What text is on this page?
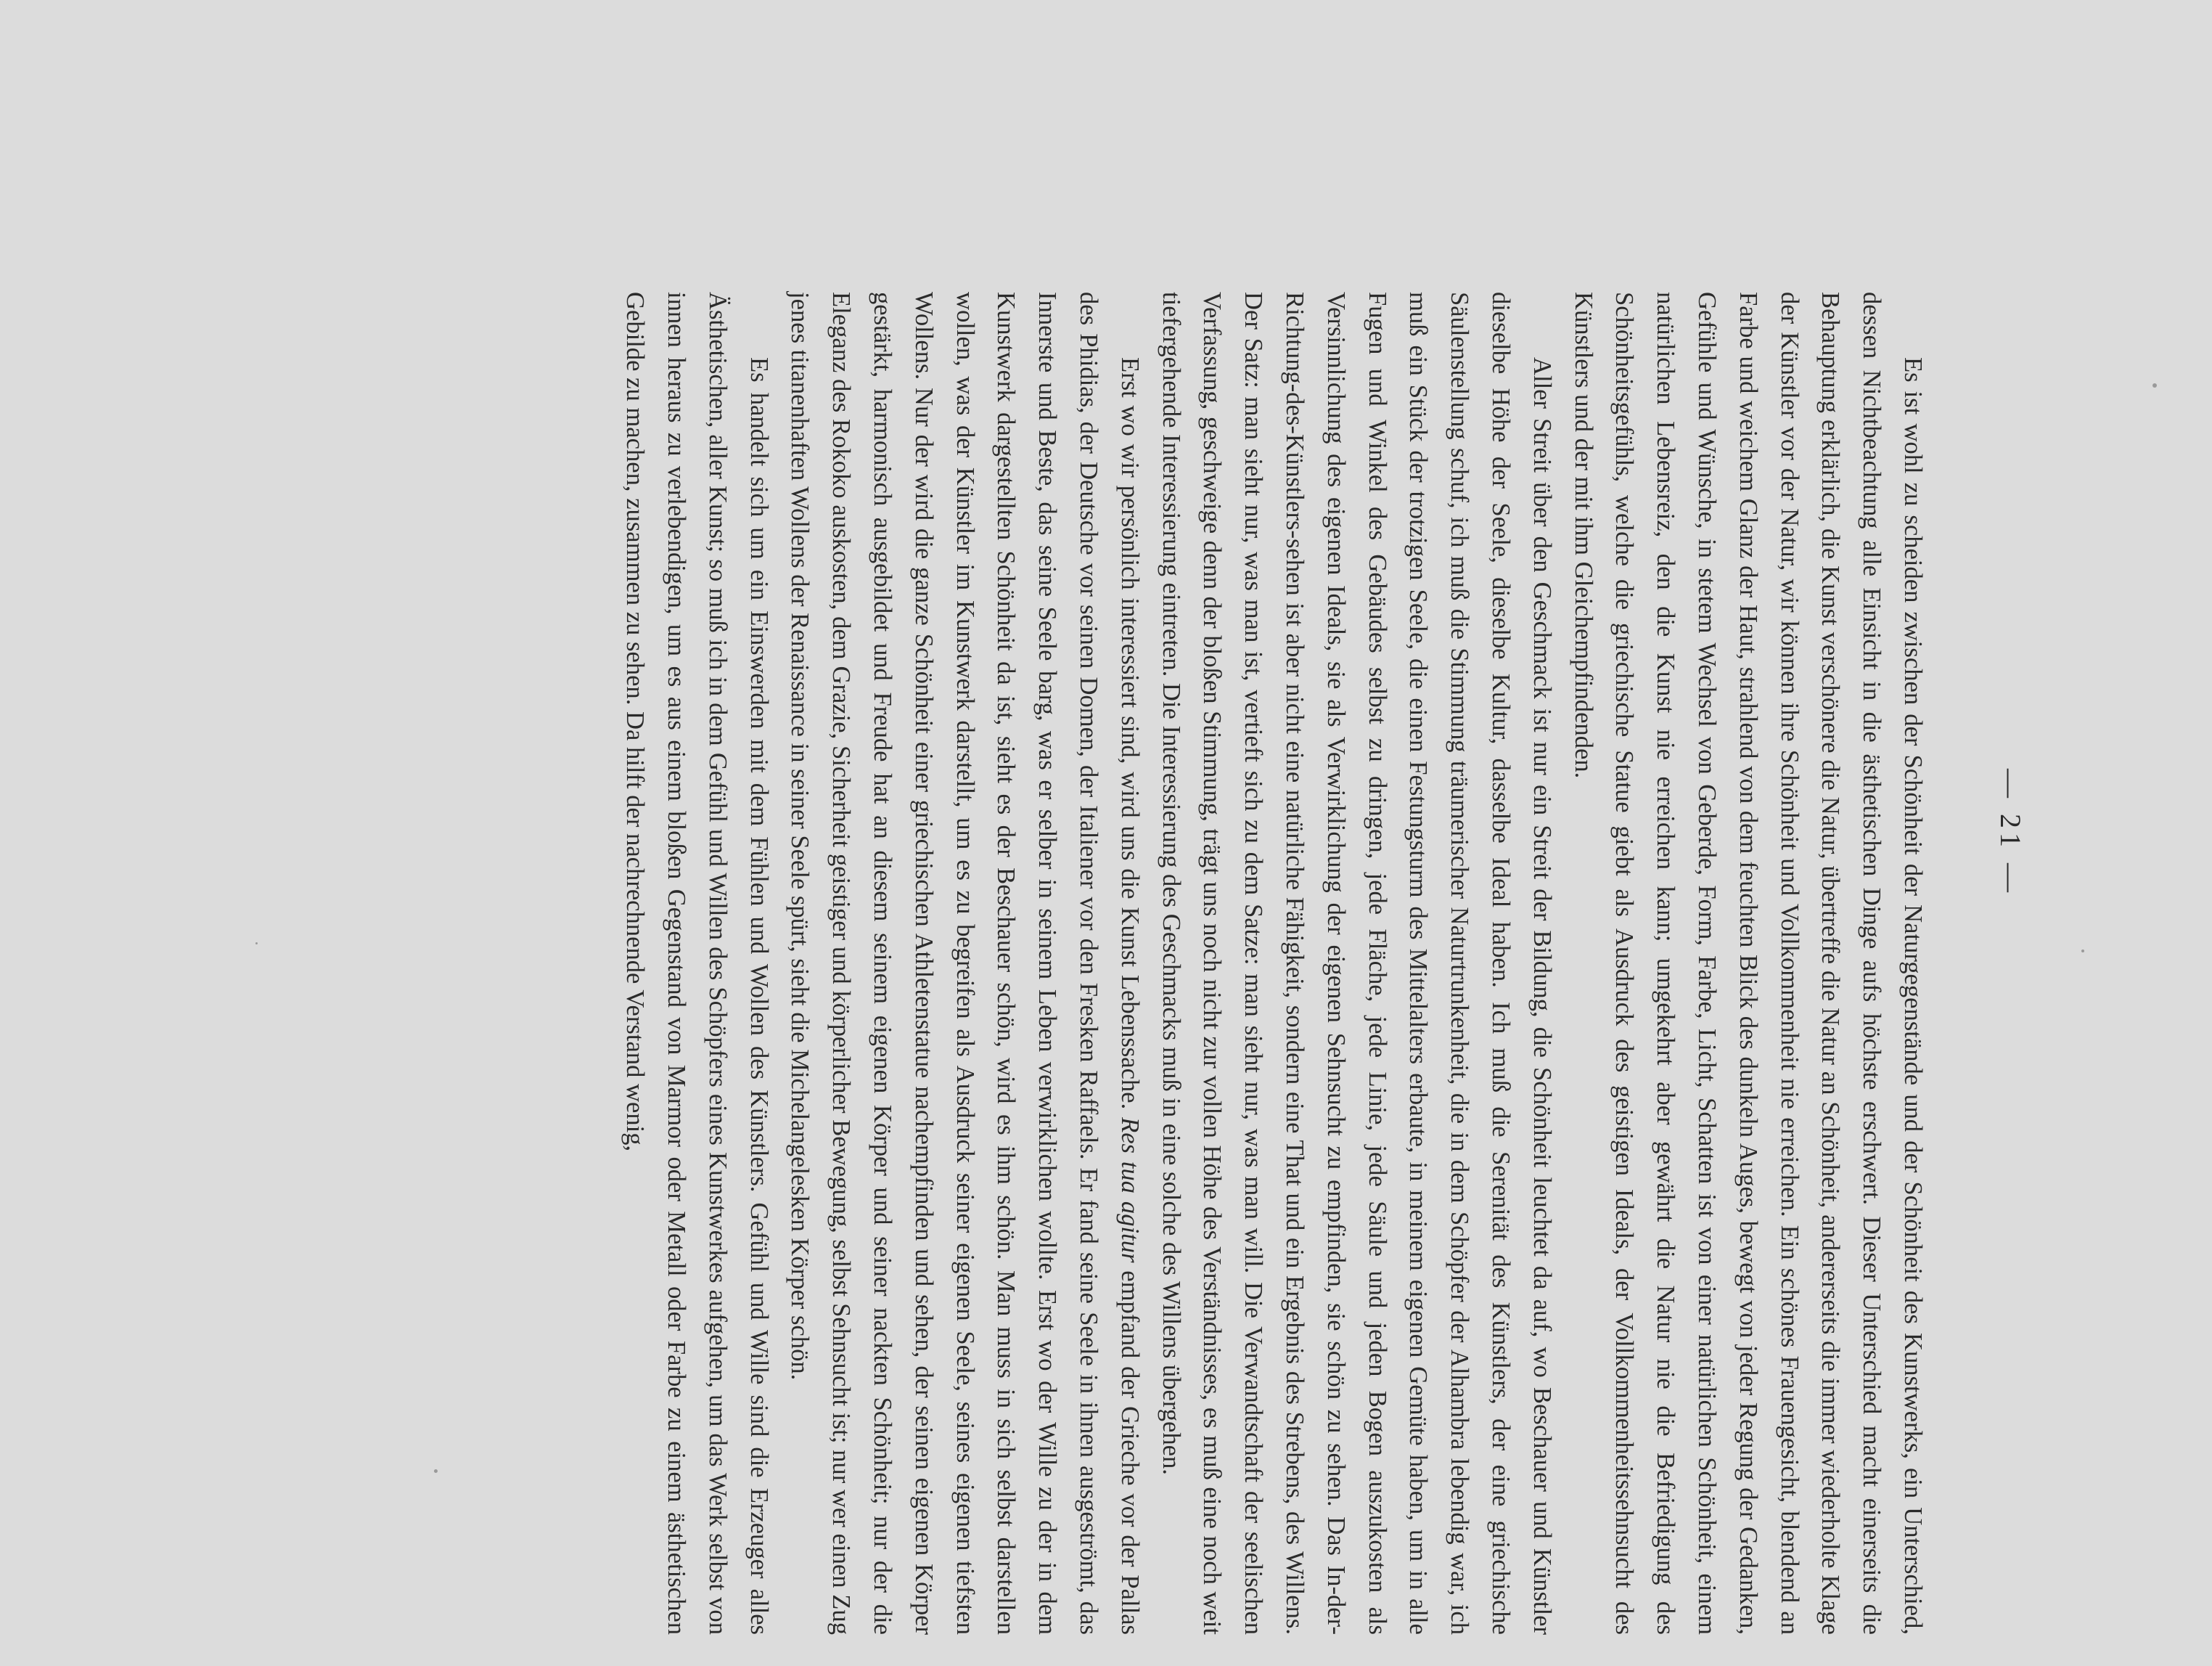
— 21 —

Es ist wohl zu scheiden zwischen der Schönheit der Naturgegenstände und der Schönheit des Kunstwerks, ein Unterschied, dessen Nichtbeachtung alle Einsicht in die ästhetischen Dinge aufs höchste erschwert. Dieser Unterschied macht einerseits die Behauptung erklärlich, die Kunst verschönere die Natur, übertreffe die Natur an Schönheit, andererseits die immer wiederholte Klage der Künstler vor der Natur, wir können ihre Schönheit und Vollkommenheit nie erreichen. Ein schönes Frauengesicht, blendend an Farbe und weichem Glanz der Haut, strahlend von dem feuchten Blick des dunkeln Auges, bewegt von jeder Regung der Gedanken, Gefühle und Wünsche, in stetem Wechsel von Geberde, Form, Farbe, Licht, Schatten ist von einer natürlichen Schönheit, einem natürlichen Lebensreiz, den die Kunst nie erreichen kann; umgekehrt aber gewährt die Natur nie die Befriedigung des Schönheitsgefühls, welche die griechische Statue giebt als Ausdruck des geistigen Ideals, der Vollkommenheitssehnsucht des Künstlers und der mit ihm Gleichempfindenden.

Aller Streit über den Geschmack ist nur ein Streit der Bildung, die Schönheit leuchtet da auf, wo Beschauer und Künstler dieselbe Höhe der Seele, dieselbe Kultur, dasselbe Ideal haben. Ich muß die Serenität des Künstlers, der eine griechische Säulenstellung schuf, ich muß die Stimmung träumerischer Naturtrunkenheit, die in dem Schöpfer der Alhambra lebendig war, ich muß ein Stück der trotzigen Seele, die einen Festungsturm des Mittelalters erbaute, in meinem eigenen Gemüte haben, um in alle Fugen und Winkel des Gebäudes selbst zu dringen, jede Fläche, jede Linie, jede Säule und jeden Bogen auszukosten als Versinnlichung des eigenen Ideals, sie als Verwirklichung der eigenen Sehnsucht zu empfinden, sie schön zu sehen. Das In-der-Richtung-des-Künstlers-sehen ist aber nicht eine natürliche Fähigkeit, sondern eine That und ein Ergebnis des Strebens, des Willens. Der Satz: man sieht nur, was man ist, vertieft sich zu dem Satze: man sieht nur, was man will. Die Verwandtschaft der seelischen Verfassung, geschweige denn der bloßen Stimmung, trägt uns noch nicht zur vollen Höhe des Verständnisses, es muß eine noch weit tiefergehende Interessierung eintreten. Die Interessierung des Geschmacks muß in eine solche des Willens übergehen.

Erst wo wir persönlich interessiert sind, wird uns die Kunst Lebenssache. Res tua agitur empfand der Grieche vor der Pallas des Phidias, der Deutsche vor seinen Domen, der Italiener vor den Fresken Raffaels. Er fand seine Seele in ihnen ausgeströmt, das Innerste und Beste, das seine Seele barg, was er selber in seinem Leben verwirklichen wollte. Erst wo der Wille zu der in dem Kunstwerk dargestellten Schönheit da ist, sieht es der Beschauer schön, wird es ihm schön. Man muss in sich selbst darstellen wollen, was der Künstler im Kunstwerk darstellt, um es zu begreifen als Ausdruck seiner eigenen Seele, seines eigenen tiefsten Wollens. Nur der wird die ganze Schönheit einer griechischen Athletenstatue nachempfinden und sehen, der seinen eigenen Körper gestärkt, harmonisch ausgebildet und Freude hat an diesem seinem eigenen Körper und seiner nackten Schönheit; nur der die Eleganz des Rokoko auskosten, dem Grazie, Sicherheit geistiger und körperlicher Bewegung, selbst Sehnsucht ist; nur wer einen Zug jenes titanenhaften Wollens der Renaissance in seiner Seele spürt, sieht die Michelangelesken Körper schön.

Es handelt sich um ein Einswerden mit dem Fühlen und Wollen des Künstlers. Gefühl und Wille sind die Erzeuger alles Ästhetischen, aller Kunst; so muß ich in dem Gefühl und Willen des Schöpfers eines Kunstwerkes aufgehen, um das Werk selbst von innen heraus zu verlebendigen, um es aus einem bloßen Gegenstand von Marmor oder Metall oder Farbe zu einem ästhetischen Gebilde zu machen, zusammen zu sehen. Da hilft der nachrechnende Verstand wenig,
